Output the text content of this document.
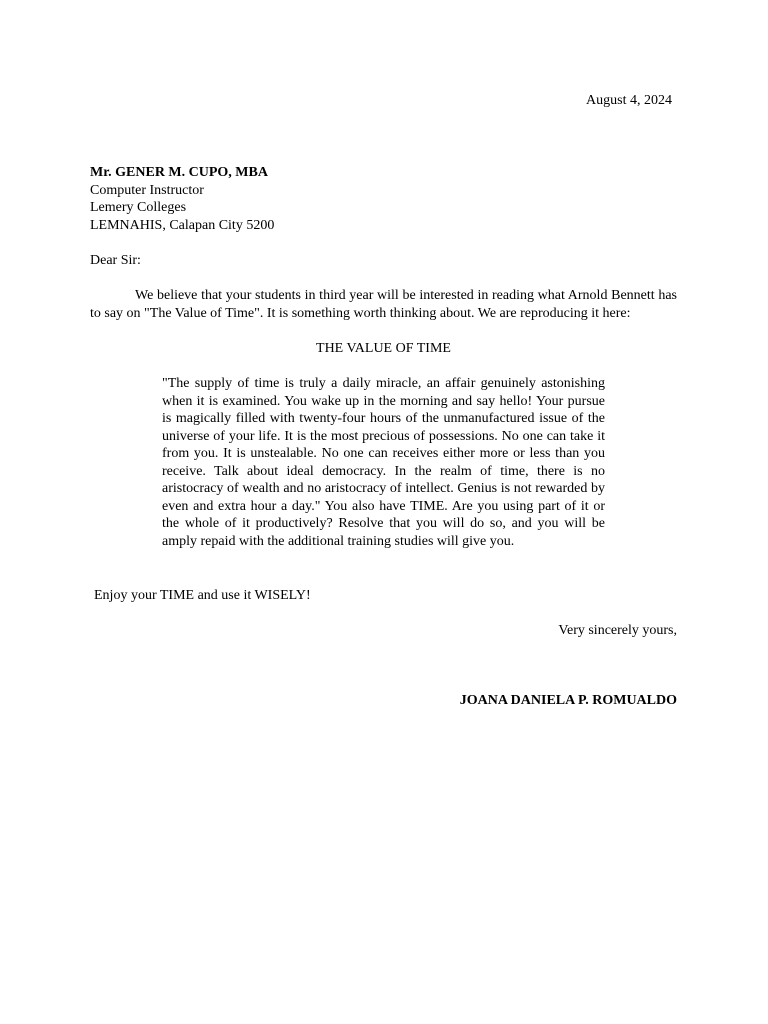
August 4, 2024
Mr. GENER M. CUPO, MBA
Computer Instructor
Lemery Colleges
LEMNAHIS, Calapan City 5200
Dear Sir:

We believe that your students in third year will be interested in reading what Arnold Bennett has to say on "The Value of Time". It is something worth thinking about. We are reproducing it here:

THE VALUE OF TIME

"The supply of time is truly a daily miracle, an affair genuinely astonishing when it is examined. You wake up in the morning and say hello! Your pursue is magically filled with twenty-four hours of the unmanufactured issue of the universe of your life. It is the most precious of possessions. No one can take it from you. It is unstealable. No one can receives either more or less than you receive. Talk about ideal democracy. In the realm of time, there is no aristocracy of wealth and no aristocracy of intellect. Genius is not rewarded by even and extra hour a day." You also have TIME. Are you using part of it or the whole of it productively? Resolve that you will do so, and you will be amply repaid with the additional training studies will give you.

Enjoy your TIME and use it WISELY!
Very sincerely yours,
JOANA DANIELA P. ROMUALDO
